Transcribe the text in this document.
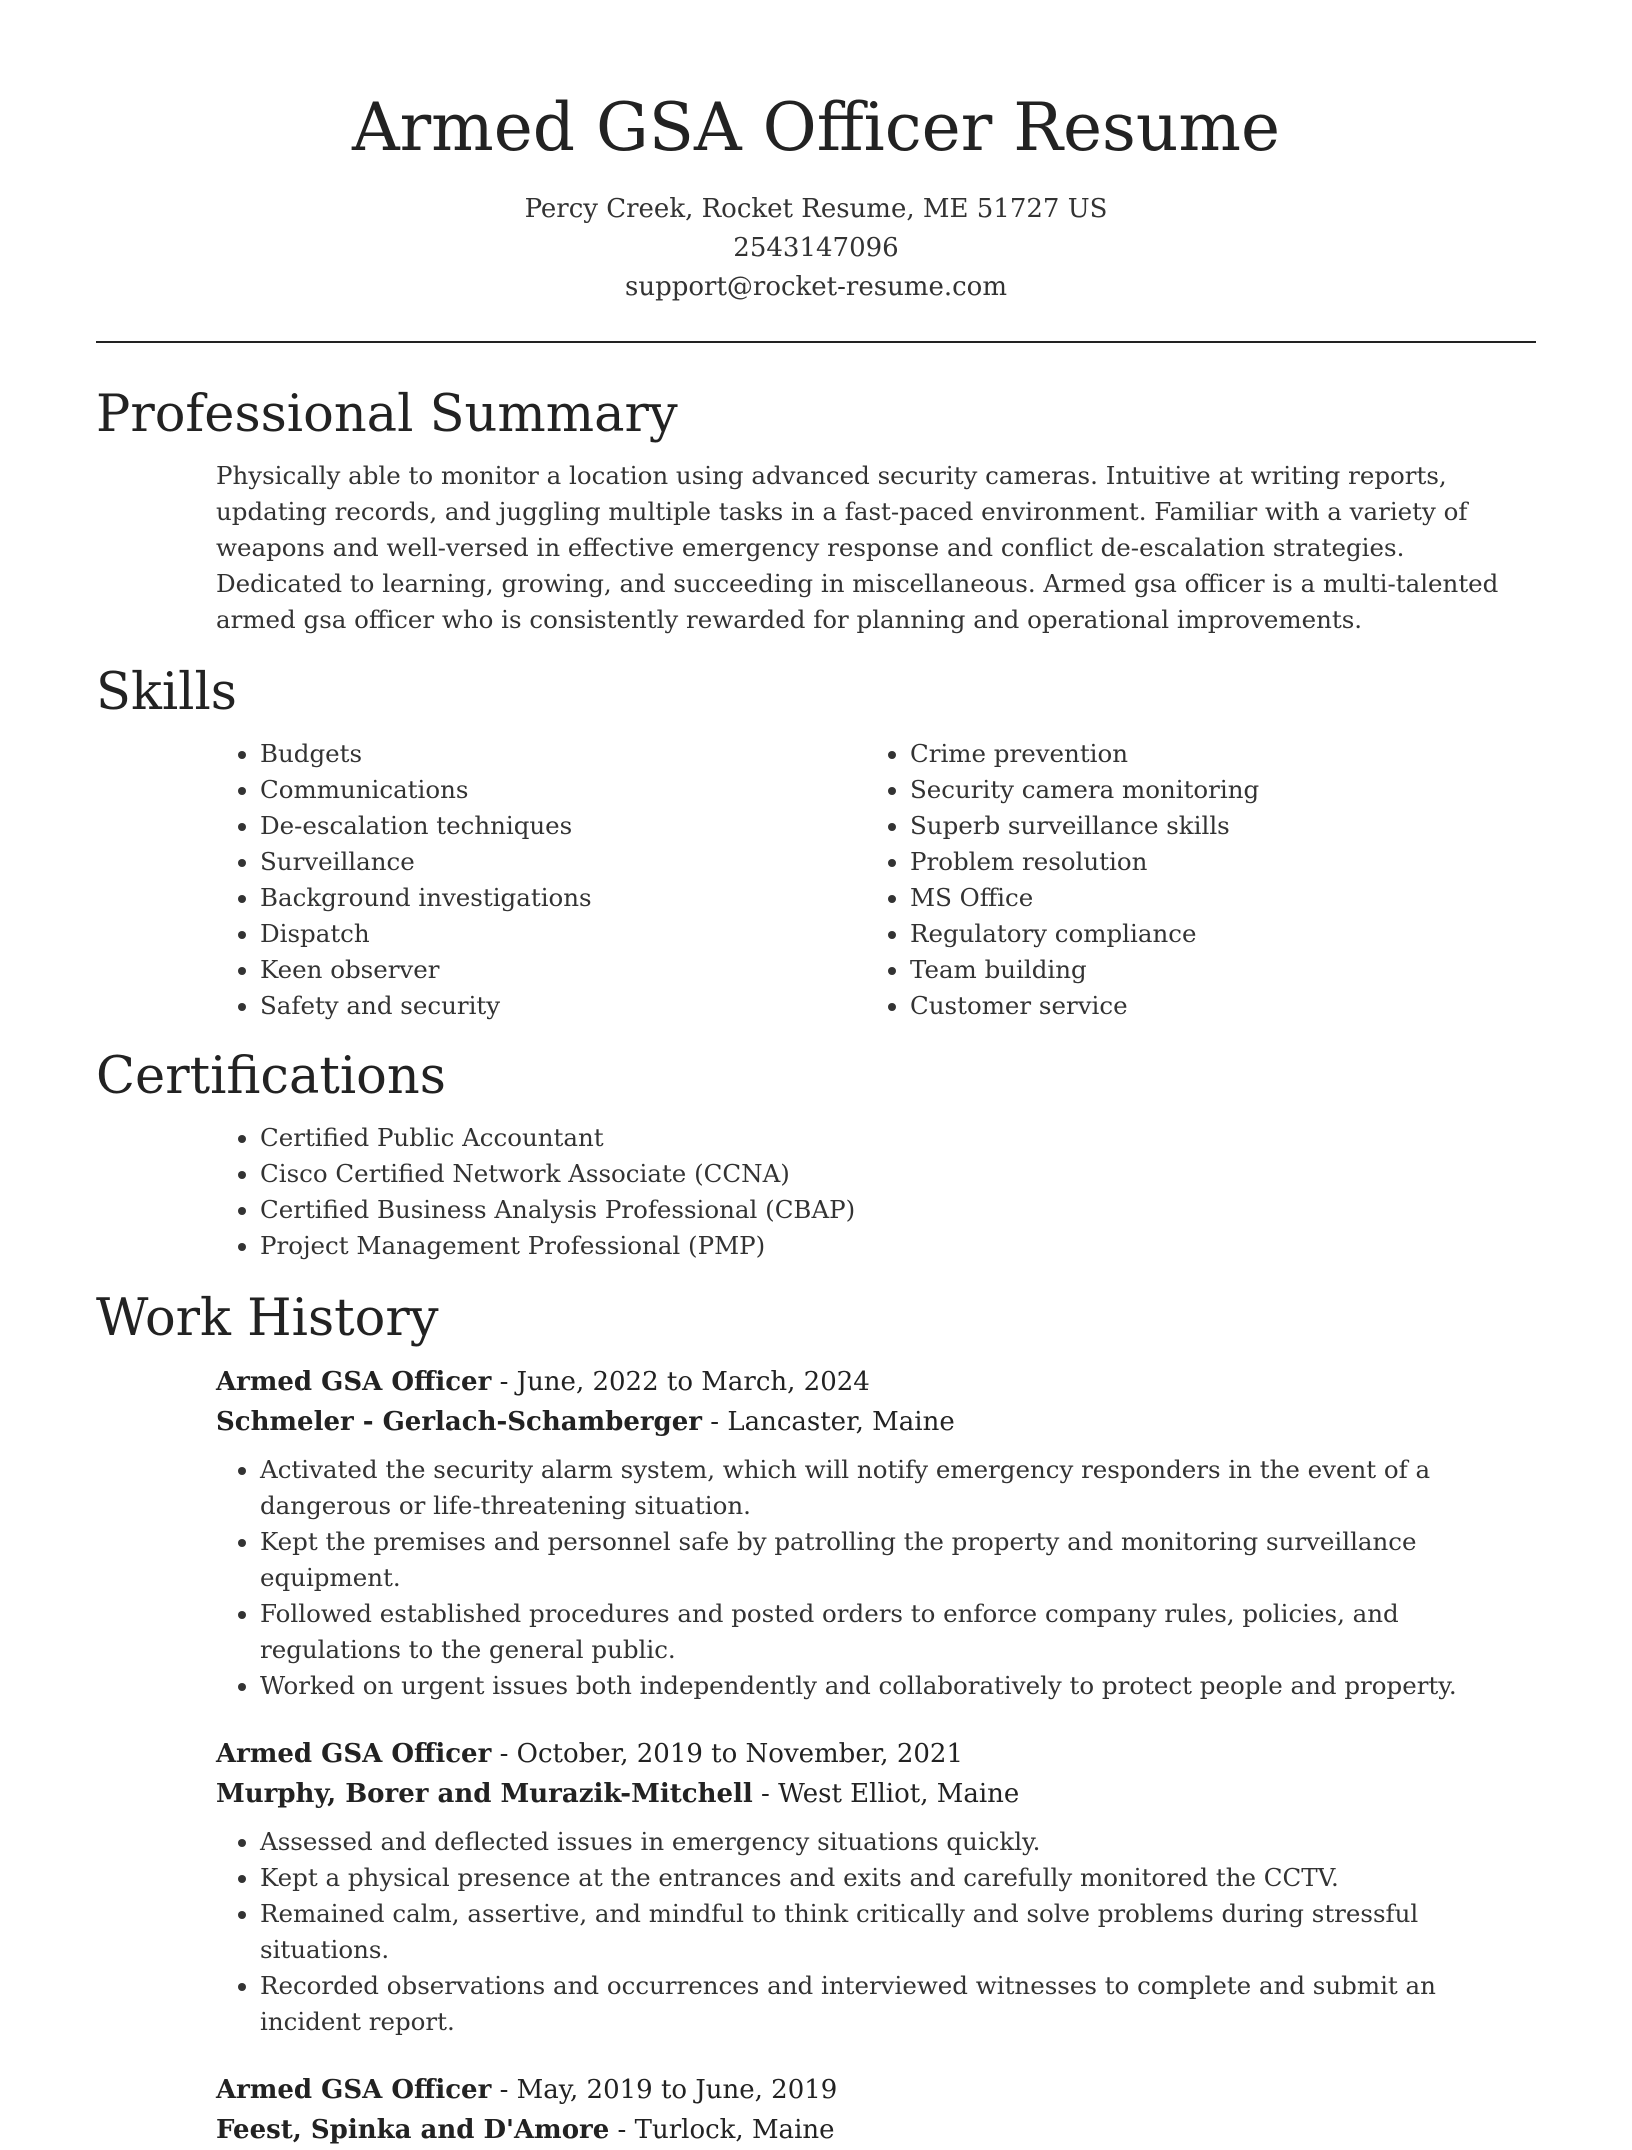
Armed GSA Officer Resume
Percy Creek, Rocket Resume, ME 51727 US
2543147096
support@rocket-resume.com
Professional Summary

Physically able to monitor a location using advanced security cameras. Intuitive at writing reports, updating records, and juggling multiple tasks in a fast-paced environment. Familiar with a variety of weapons and well-versed in effective emergency response and conflict de-escalation strategies. Dedicated to learning, growing, and succeeding in miscellaneous. Armed gsa officer is a multi-talented armed gsa officer who is consistently rewarded for planning and operational improvements.

Skills
• Budgets
• Communications
• De-escalation techniques
• Surveillance
• Background investigations
• Dispatch
• Keen observer
• Safety and security
• Crime prevention
• Security camera monitoring
• Superb surveillance skills
• Problem resolution
• MS Office
• Regulatory compliance
• Team building
• Customer service
Certifications
• Certified Public Accountant
• Cisco Certified Network Associate (CCNA)
• Certified Business Analysis Professional (CBAP)
• Project Management Professional (PMP)
Work History
Armed GSA Officer - June, 2022 to March, 2024
Schmeler - Gerlach-Schamberger - Lancaster, Maine
• Activated the security alarm system, which will notify emergency responders in the event of a dangerous or life-threatening situation.
• Kept the premises and personnel safe by patrolling the property and monitoring surveillance equipment.
• Followed established procedures and posted orders to enforce company rules, policies, and regulations to the general public.
• Worked on urgent issues both independently and collaboratively to protect people and property.
Armed GSA Officer - October, 2019 to November, 2021
Murphy, Borer and Murazik-Mitchell - West Elliot, Maine
• Assessed and deflected issues in emergency situations quickly.
• Kept a physical presence at the entrances and exits and carefully monitored the CCTV.
• Remained calm, assertive, and mindful to think critically and solve problems during stressful situations.
• Recorded observations and occurrences and interviewed witnesses to complete and submit an incident report.
Armed GSA Officer - May, 2019 to June, 2019
Feest, Spinka and D'Amore - Turlock, Maine
